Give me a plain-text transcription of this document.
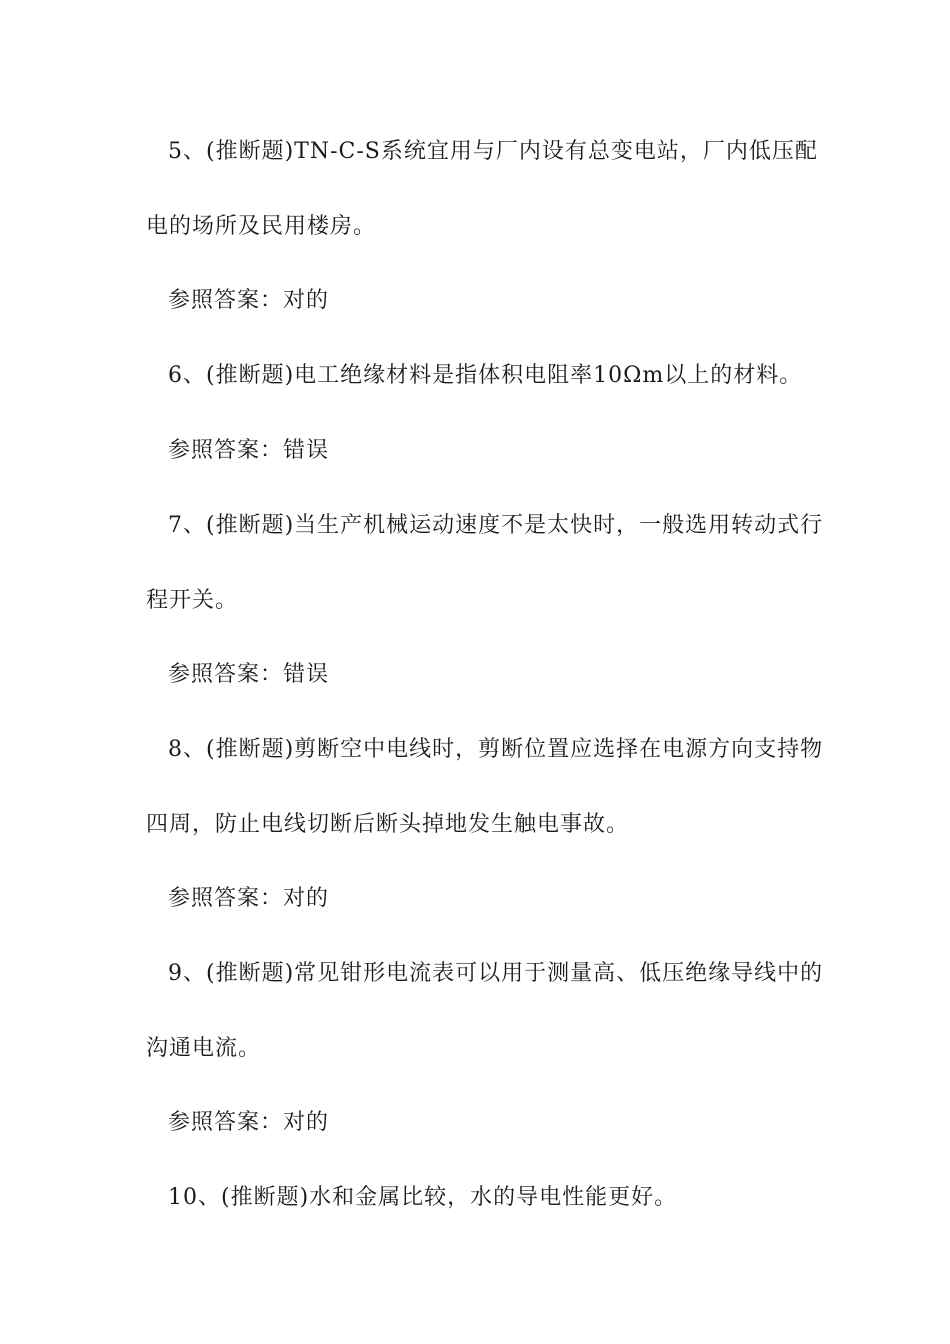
5、(推断题)TN-C-S系统宜用与厂内设有总变电站，厂内低压配
电的场所及民用楼房。
参照答案：对的
6、(推断题)电工绝缘材料是指体积电阻率10Ωm以上的材料。
参照答案：错误
7、(推断题)当生产机械运动速度不是太快时，一般选用转动式行
程开关。
参照答案：错误
8、(推断题)剪断空中电线时，剪断位置应选择在电源方向支持物
四周，防止电线切断后断头掉地发生触电事故。
参照答案：对的
9、(推断题)常见钳形电流表可以用于测量高、低压绝缘导线中的
沟通电流。
参照答案：对的
10、(推断题)水和金属比较，水的导电性能更好。
